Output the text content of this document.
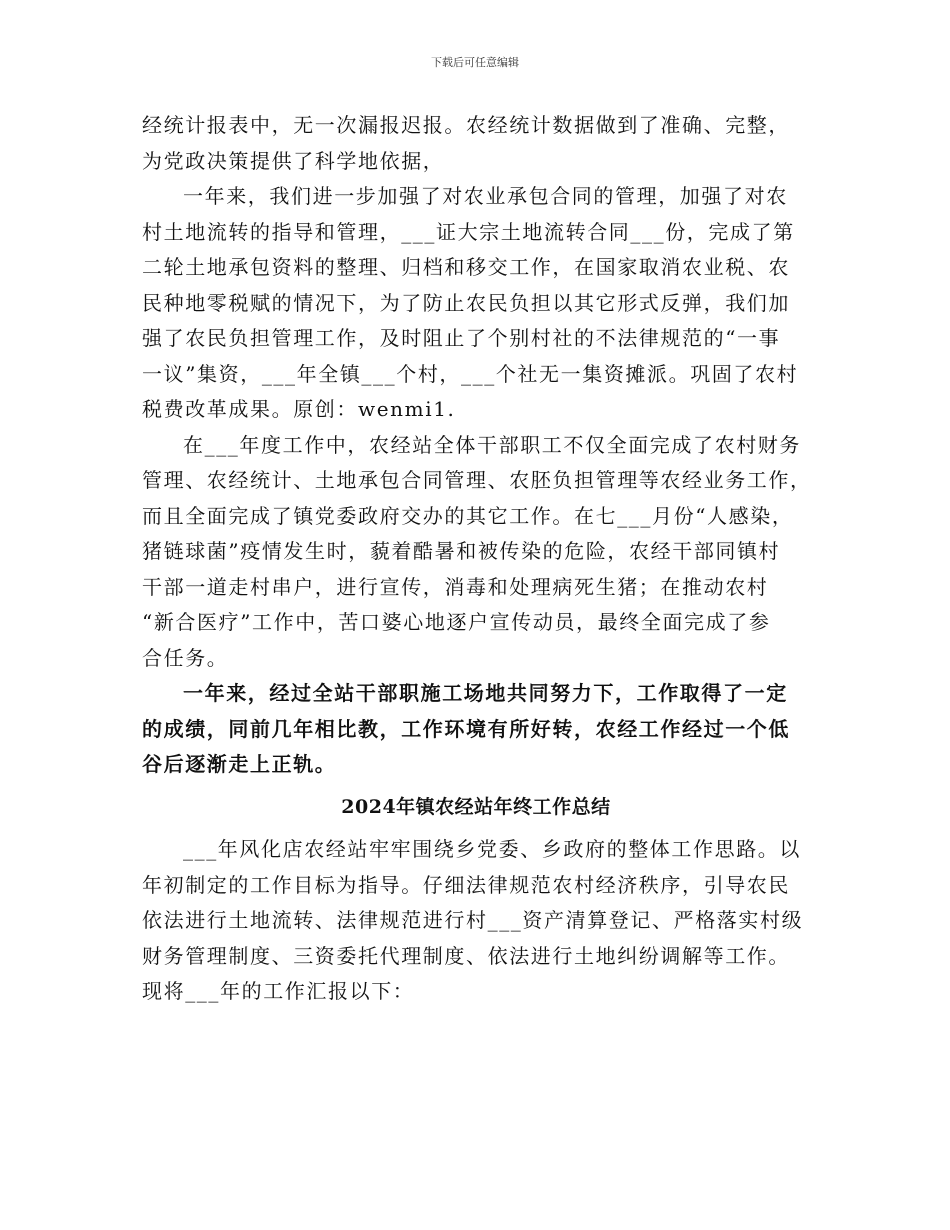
下载后可任意编辑
经统计报表中，无一次漏报迟报。农经统计数据做到了准确、完整，
为党政决策提供了科学地依据，
一年来，我们进一步加强了对农业承包合同的管理，加强了对农
村土地流转的指导和管理，___证大宗土地流转合同___份，完成了第
二轮土地承包资料的整理、归档和移交工作，在国家取消农业税、农
民种地零税赋的情况下，为了防止农民负担以其它形式反弹，我们加
强了农民负担管理工作，及时阻止了个别村社的不法律规范的“一事
一议”集资，___年全镇___个村，___个社无一集资摊派。巩固了农村
税费改革成果。原创：wenmi1.
在___年度工作中，农经站全体干部职工不仅全面完成了农村财务
管理、农经统计、土地承包合同管理、农胚负担管理等农经业务工作，
而且全面完成了镇党委政府交办的其它工作。在七___月份“人感染，
猪链球菌”疫情发生时，藐着酷暑和被传染的危险，农经干部同镇村
干部一道走村串户，进行宣传，消毒和处理病死生猪；在推动农村
“新合医疗”工作中，苦口婆心地逐户宣传动员，最终全面完成了参
合任务。
一年来，经过全站干部职施工场地共同努力下，工作取得了一定
的成绩，同前几年相比教，工作环境有所好转，农经工作经过一个低
谷后逐渐走上正轨。
2024年镇农经站年终工作总结
___年风化店农经站牢牢围绕乡党委、乡政府的整体工作思路。以
年初制定的工作目标为指导。仔细法律规范农村经济秩序，引导农民
依法进行土地流转、法律规范进行村___资产清算登记、严格落实村级
财务管理制度、三资委托代理制度、依法进行土地纠纷调解等工作。
现将___年的工作汇报以下：
